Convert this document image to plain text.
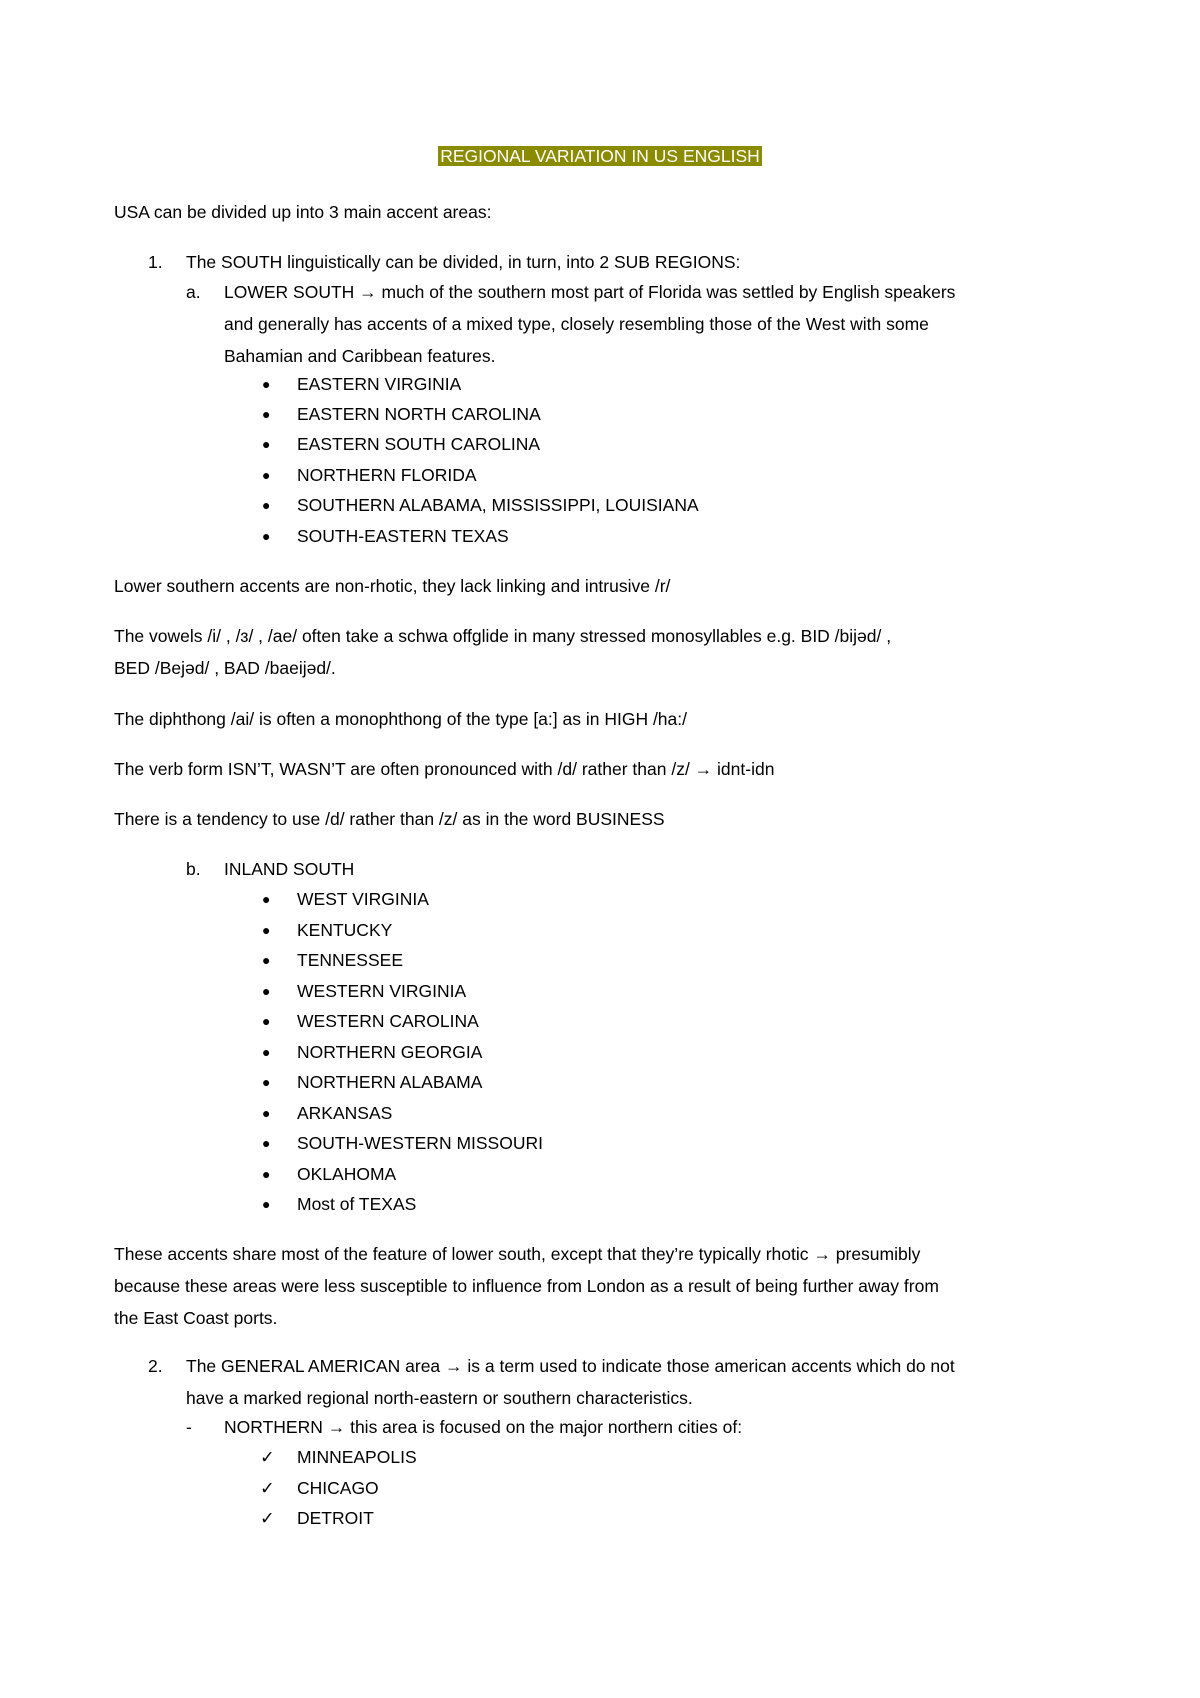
REGIONAL VARIATION IN US ENGLISH
USA can be divided up into 3 main accent areas:
1. The SOUTH linguistically can be divided, in turn, into 2 SUB REGIONS:
a. LOWER SOUTH → much of the southern most part of Florida was settled by English speakers
and generally has accents of a mixed type, closely resembling those of the West with some
Bahamian and Caribbean features.
● EASTERN VIRGINIA
● EASTERN NORTH CAROLINA
● EASTERN SOUTH CAROLINA
● NORTHERN FLORIDA
● SOUTHERN ALABAMA, MISSISSIPPI, LOUISIANA
● SOUTH-EASTERN TEXAS
Lower southern accents are non-rhotic, they lack linking and intrusive /r/
The vowels /i/ , /ɜ/ , /ae/ often take a schwa offglide in many stressed monosyllables e.g. BID /bijəd/ ,
BED /Bejəd/ , BAD /baeijəd/.
The diphthong /ai/ is often a monophthong of the type [a:] as in HIGH /ha:/
The verb form ISN’T, WASN’T are often pronounced with /d/ rather than /z/ → idnt-idn
There is a tendency to use /d/ rather than /z/ as in the word BUSINESS
b. INLAND SOUTH
● WEST VIRGINIA
● KENTUCKY
● TENNESSEE
● WESTERN VIRGINIA
● WESTERN CAROLINA
● NORTHERN GEORGIA
● NORTHERN ALABAMA
● ARKANSAS
● SOUTH-WESTERN MISSOURI
● OKLAHOMA
● Most of TEXAS
These accents share most of the feature of lower south, except that they’re typically rhotic → presumibly
because these areas were less susceptible to influence from London as a result of being further away from
the East Coast ports.
2. The GENERAL AMERICAN area → is a term used to indicate those american accents which do not
have a marked regional north-eastern or southern characteristics.
- NORTHERN → this area is focused on the major northern cities of:
✓ MINNEAPOLIS
✓ CHICAGO
✓ DETROIT
